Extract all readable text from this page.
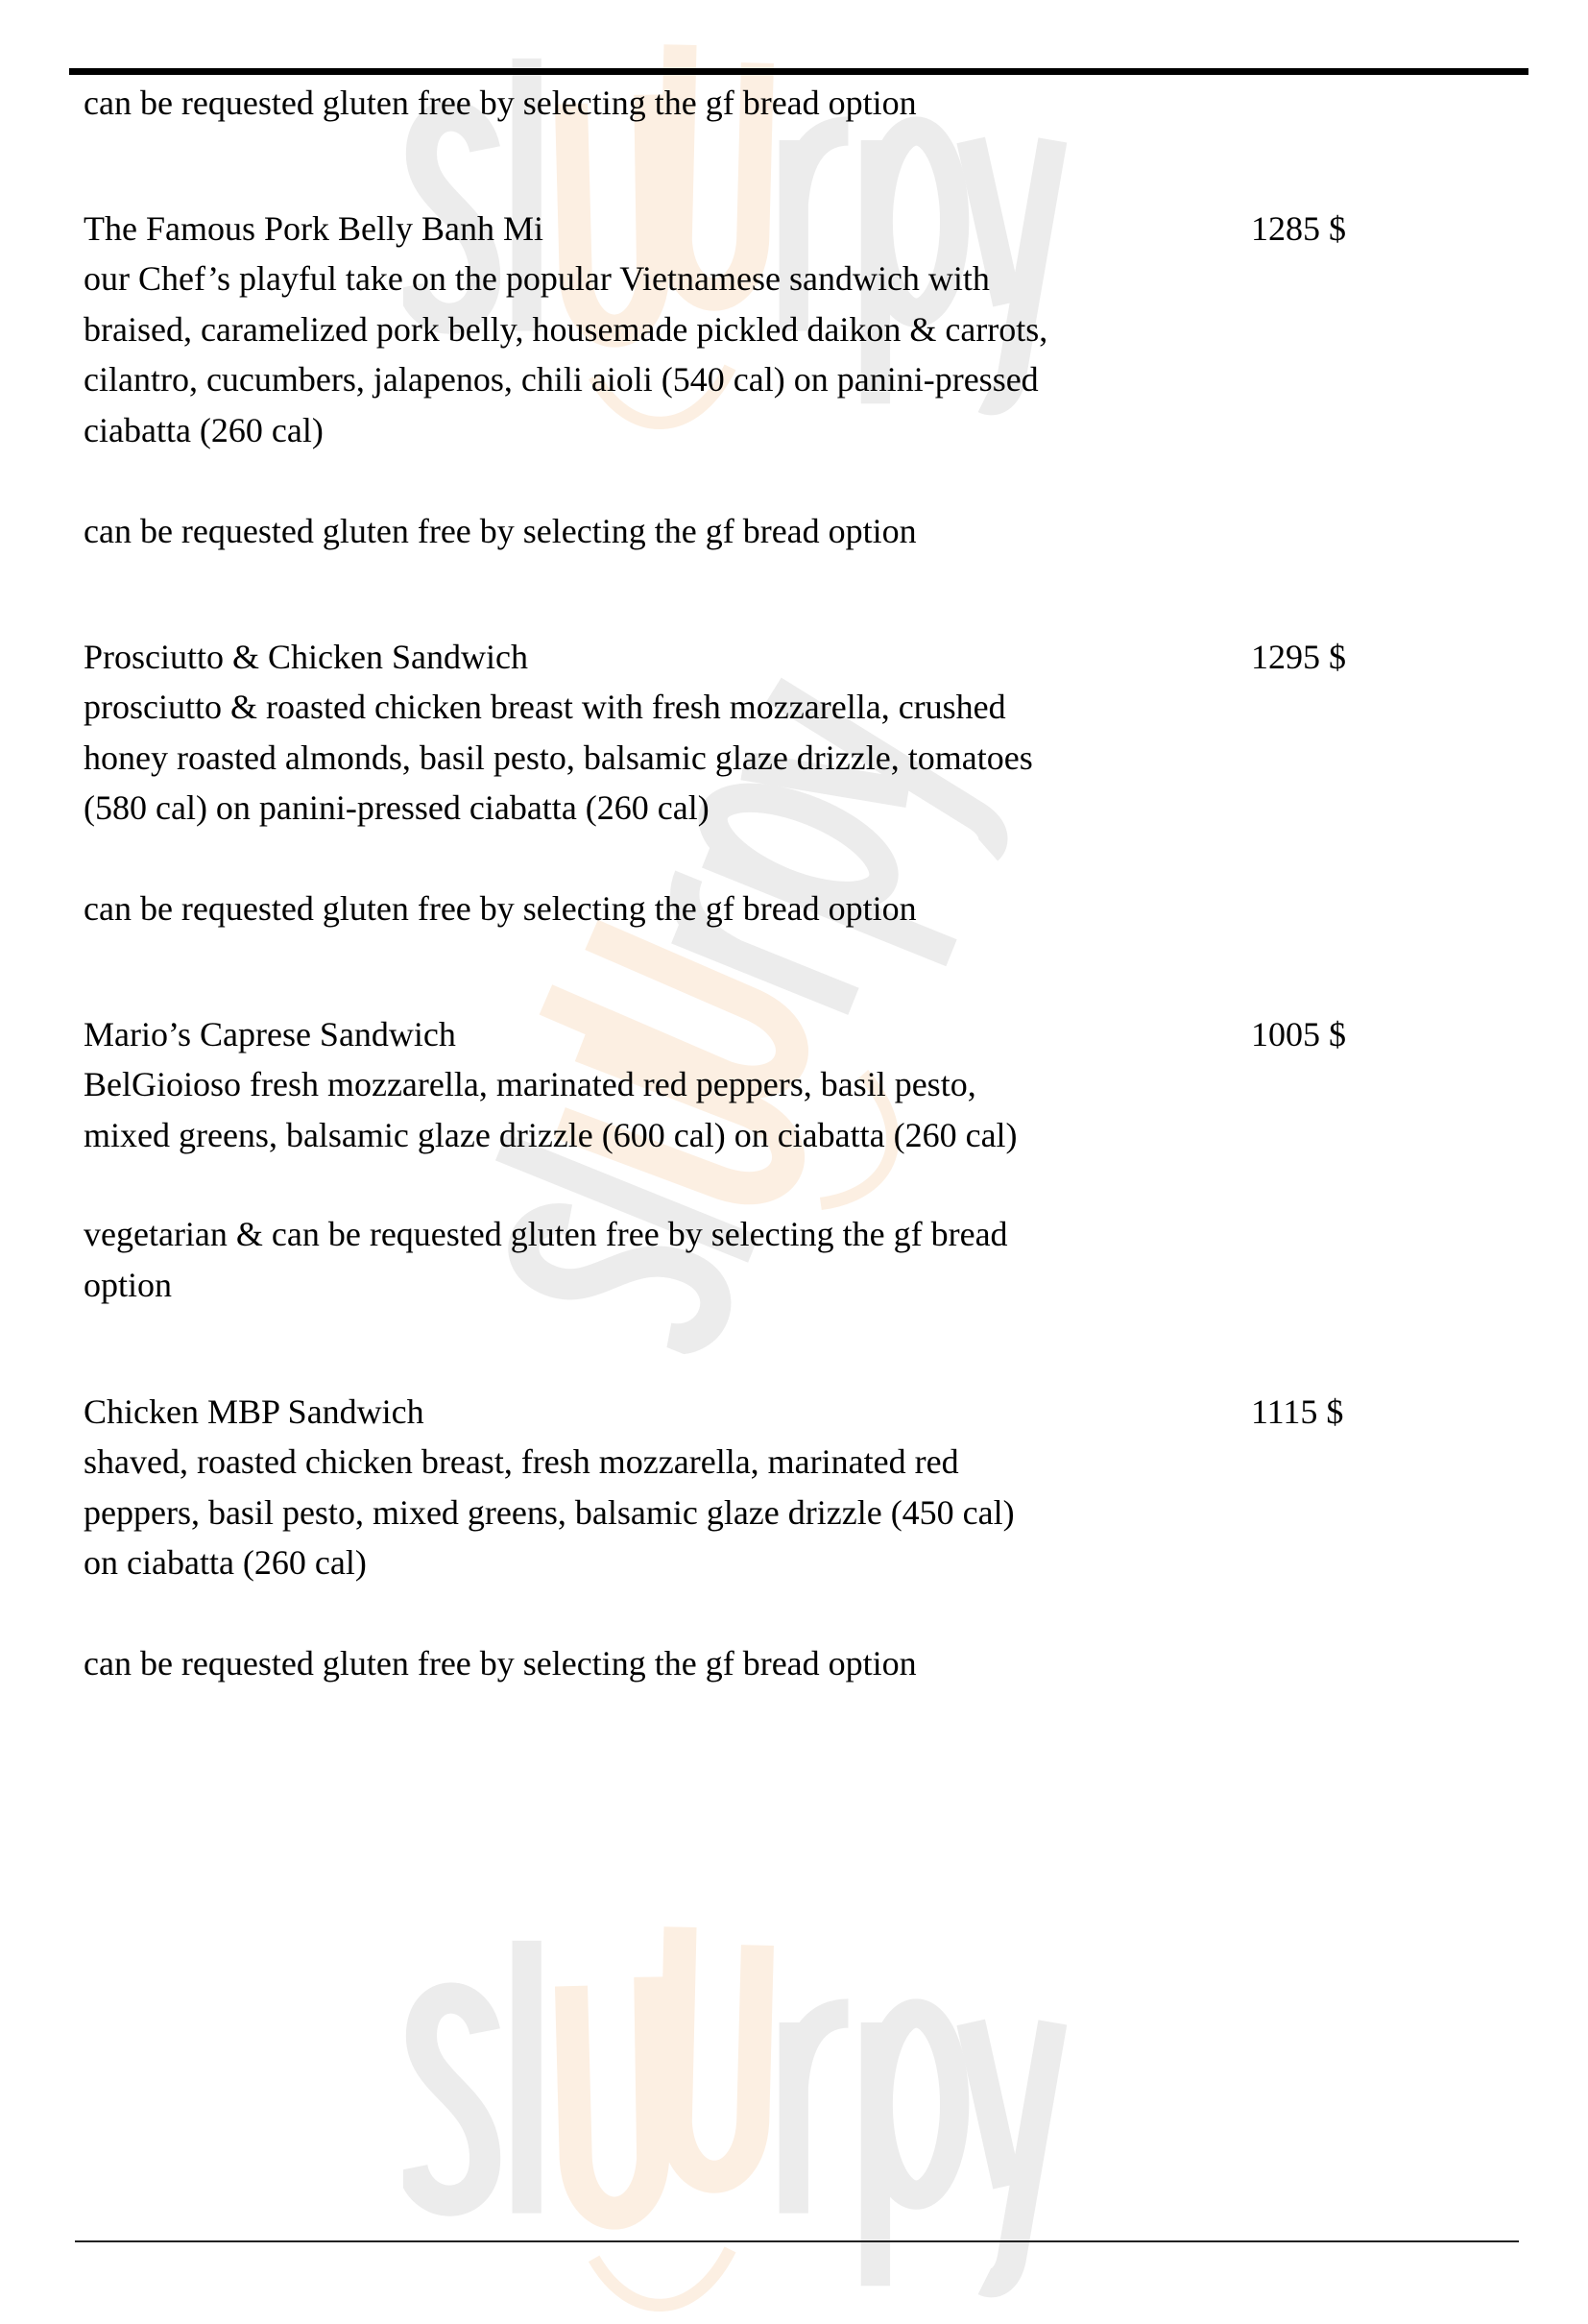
can be requested gluten free by selecting the gf bread option
The Famous Pork Belly Banh Mi	1285 $
our Chef’s playful take on the popular Vietnamese sandwich with
braised, caramelized pork belly, housemade pickled daikon & carrots,
cilantro, cucumbers, jalapenos, chili aioli (540 cal) on panini-pressed
ciabatta (260 cal)
can be requested gluten free by selecting the gf bread option
Prosciutto & Chicken Sandwich	1295 $
prosciutto & roasted chicken breast with fresh mozzarella, crushed
honey roasted almonds, basil pesto, balsamic glaze drizzle, tomatoes
(580 cal) on panini-pressed ciabatta (260 cal)
can be requested gluten free by selecting the gf bread option
Mario’s Caprese Sandwich	1005 $
BelGioioso fresh mozzarella, marinated red peppers, basil pesto,
mixed greens, balsamic glaze drizzle (600 cal) on ciabatta (260 cal)
vegetarian & can be requested gluten free by selecting the gf bread
option
Chicken MBP Sandwich	1115 $
shaved, roasted chicken breast, fresh mozzarella, marinated red
peppers, basil pesto, mixed greens, balsamic glaze drizzle (450 cal)
on ciabatta (260 cal)
can be requested gluten free by selecting the gf bread option
